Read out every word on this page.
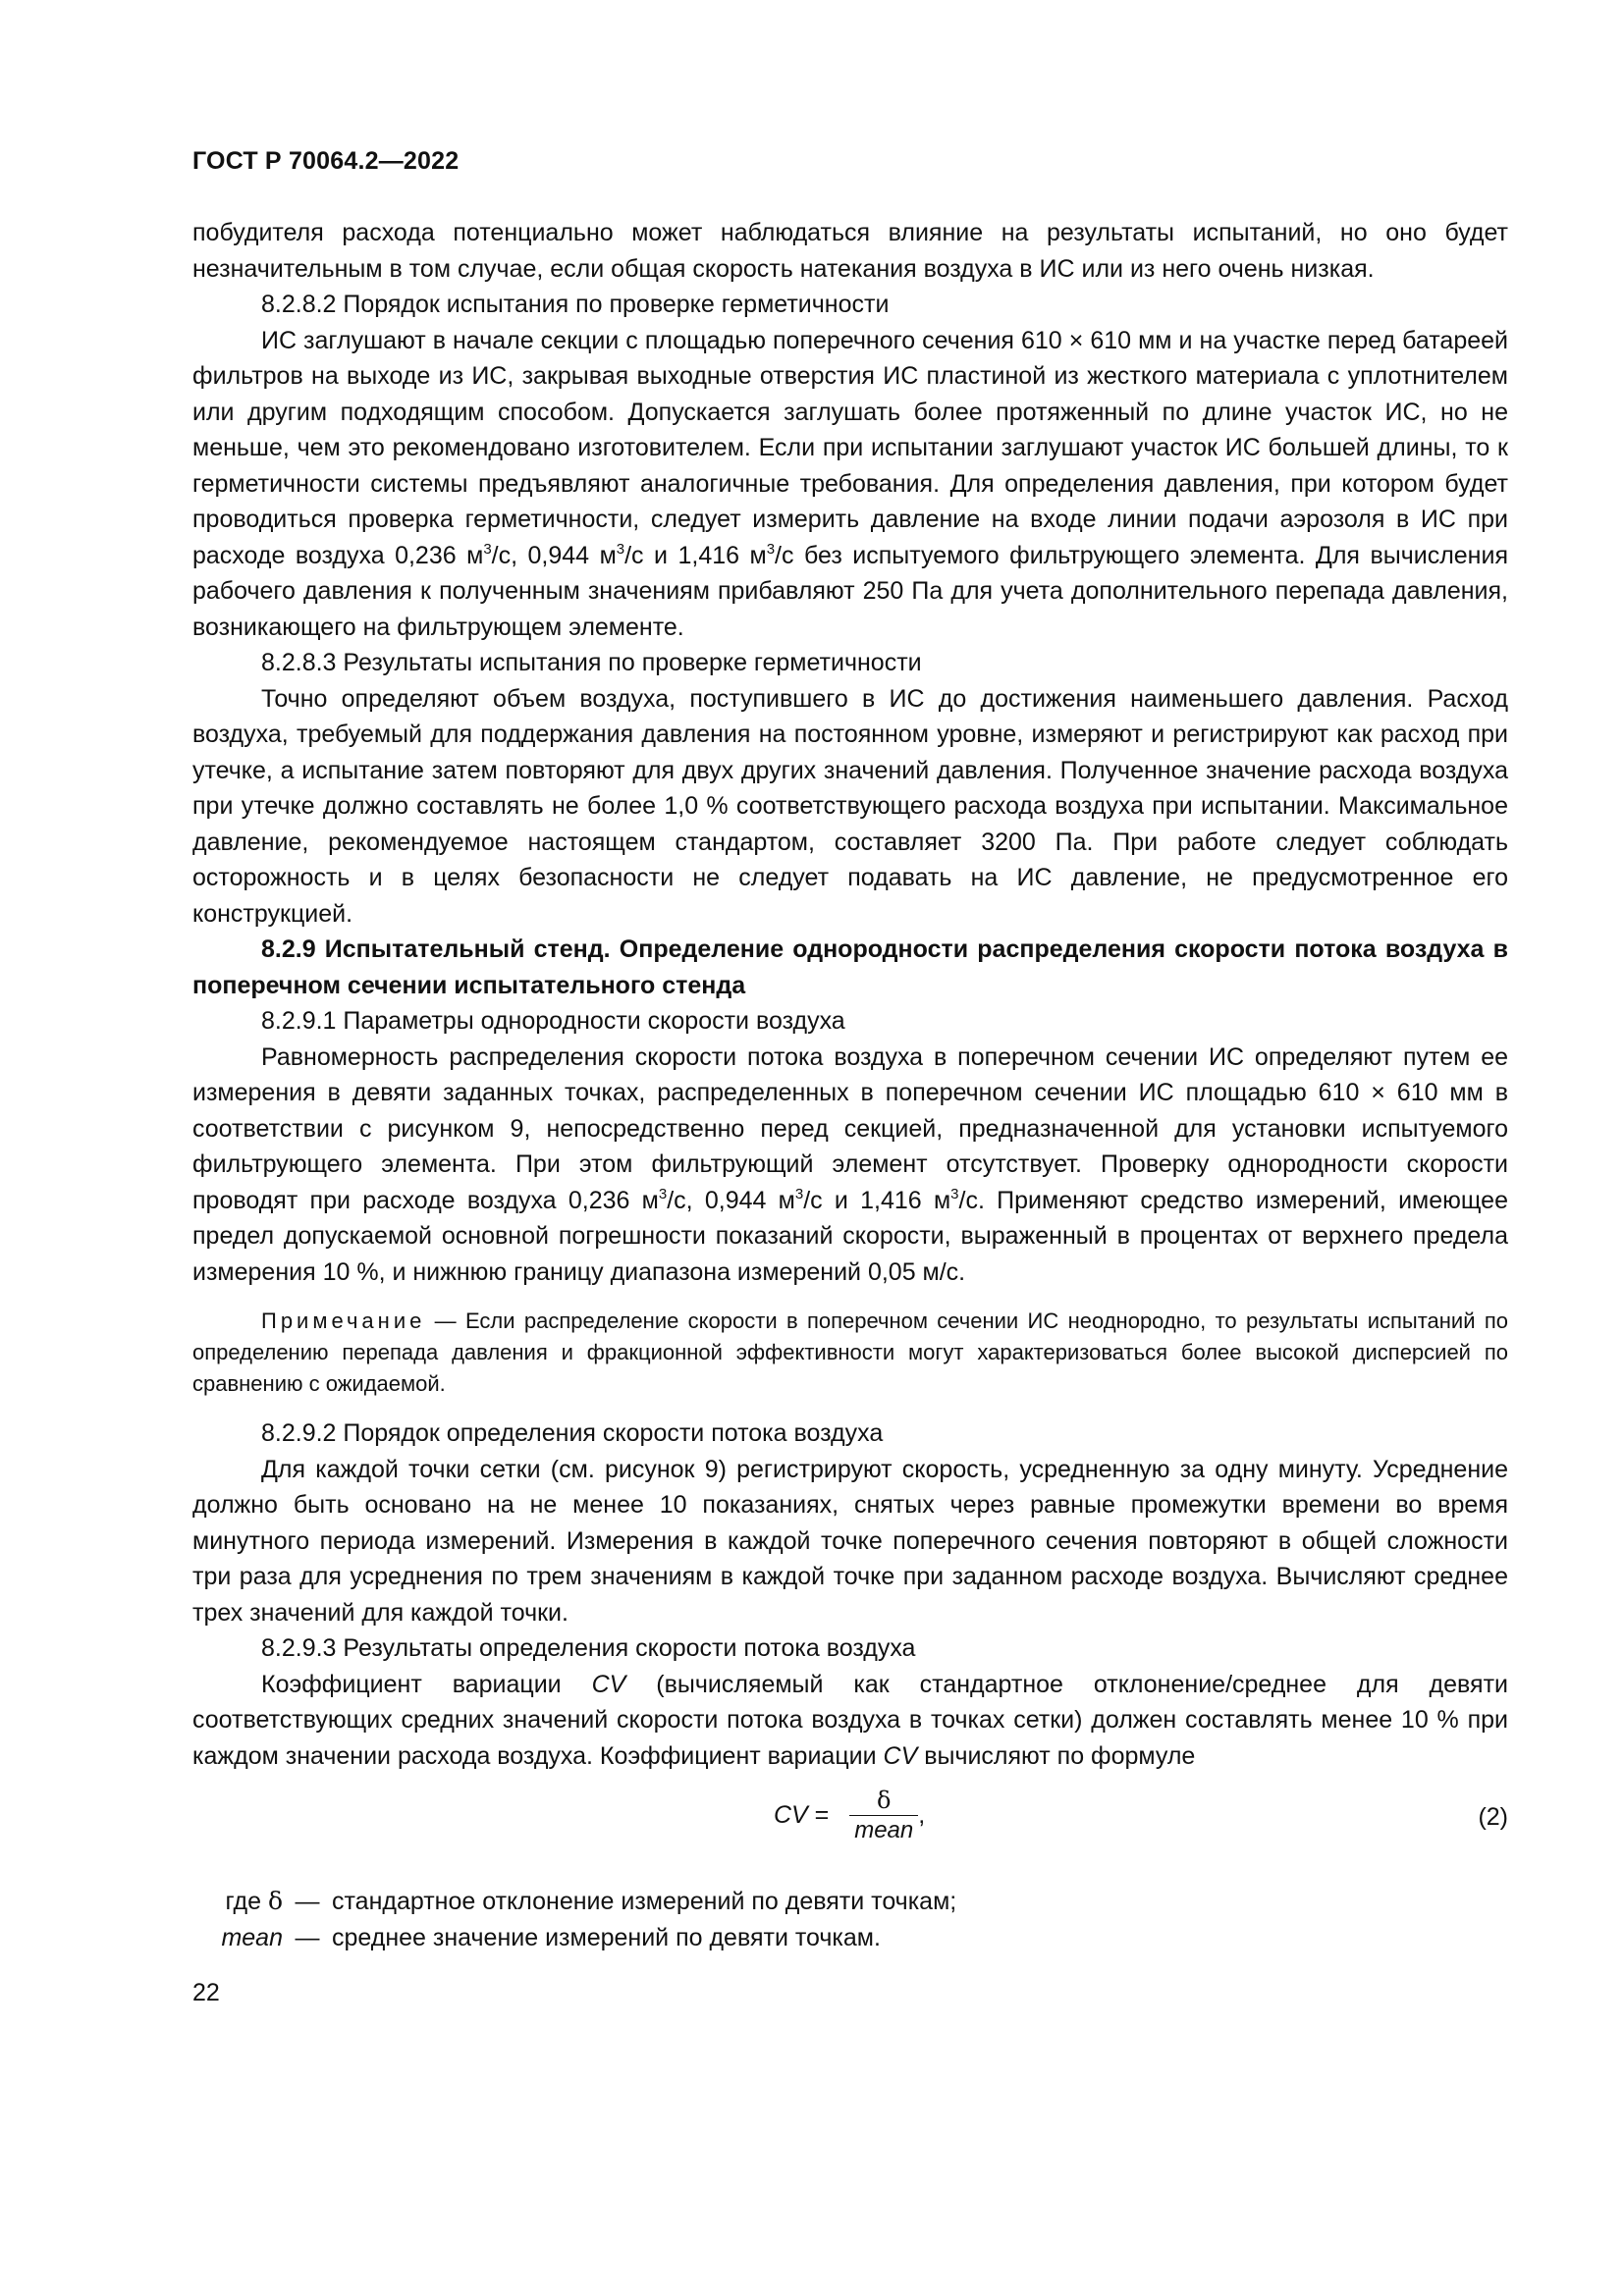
ГОСТ Р 70064.2—2022

побудителя расхода потенциально может наблюдаться влияние на результаты испытаний, но оно будет незначительным в том случае, если общая скорость натекания воздуха в ИС или из него очень низкая.

8.2.8.2 Порядок испытания по проверке герметичности

ИС заглушают в начале секции с площадью поперечного сечения 610 × 610 мм и на участке перед батареей фильтров на выходе из ИС, закрывая выходные отверстия ИС пластиной из жесткого материала с уплотнителем или другим подходящим способом. Допускается заглушать более протяженный по длине участок ИС, но не меньше, чем это рекомендовано изготовителем. Если при испытании заглушают участок ИС большей длины, то к герметичности системы предъявляют аналогичные требования. Для определения давления, при котором будет проводиться проверка герметичности, следует измерить давление на входе линии подачи аэрозоля в ИС при расходе воздуха 0,236 $м^3/с$, 0,944 $м^3/с$ и 1,416 $м^3/с$ без испытуемого фильтрующего элемента. Для вычисления рабочего давления к полученным значениям прибавляют 250 Па для учета дополнительного перепада давления, возникающего на фильтрующем элементе.

8.2.8.3 Результаты испытания по проверке герметичности

Точно определяют объем воздуха, поступившего в ИС до достижения наименьшего давления. Расход воздуха, требуемый для поддержания давления на постоянном уровне, измеряют и регистрируют как расход при утечке, а испытание затем повторяют для двух других значений давления. Полученное значение расхода воздуха при утечке должно составлять не более 1,0 % соответствующего расхода воздуха при испытании. Максимальное давление, рекомендуемое настоящем стандартом, составляет 3200 Па. При работе следует соблюдать осторожность и в целях безопасности не следует подавать на ИС давление, не предусмотренное его конструкцией.

8.2.9 Испытательный стенд. Определение однородности распределения скорости потока воздуха в поперечном сечении испытательного стенда

8.2.9.1 Параметры однородности скорости воздуха

Равномерность распределения скорости потока воздуха в поперечном сечении ИС определяют путем ее измерения в девяти заданных точках, распределенных в поперечном сечении ИС площадью 610 × 610 мм в соответствии с рисунком 9, непосредственно перед секцией, предназначенной для установки испытуемого фильтрующего элемента. При этом фильтрующий элемент отсутствует. Проверку однородности скорости проводят при расходе воздуха 0,236 $м^3/с$, 0,944 $м^3/с$ и 1,416 $м^3/с$. Применяют средство измерений, имеющее предел допускаемой основной погрешности показаний скорости, выраженный в процентах от верхнего предела измерения 10 %, и нижнюю границу диапазона измерений 0,05 м/с.

Примечание — Если распределение скорости в поперечном сечении ИС неоднородно, то результаты испытаний по определению перепада давления и фракционной эффективности могут характеризоваться более высокой дисперсией по сравнению с ожидаемой.

8.2.9.2 Порядок определения скорости потока воздуха

Для каждой точки сетки (см. рисунок 9) регистрируют скорость, усредненную за одну минуту. Усреднение должно быть основано на не менее 10 показаниях, снятых через равные промежутки времени во время минутного периода измерений. Измерения в каждой точке поперечного сечения повторяют в общей сложности три раза для усреднения по трем значениям в каждой точке при заданном расходе воздуха. Вычисляют среднее трех значений для каждой точки.

8.2.9.3 Результаты определения скорости потока воздуха

Коэффициент вариации CV (вычисляемый как стандартное отклонение/среднее для девяти соответствующих средних значений скорости потока воздуха в точках сетки) должен составлять менее 10 % при каждом значении расхода воздуха. Коэффициент вариации CV вычисляют по формуле

CV = $\frac{\delta}{\text{mean}}$ ,	(2)
где δ — стандартное отклонение измерений по девяти точкам;
mean — среднее значение измерений по девяти точкам.
22
